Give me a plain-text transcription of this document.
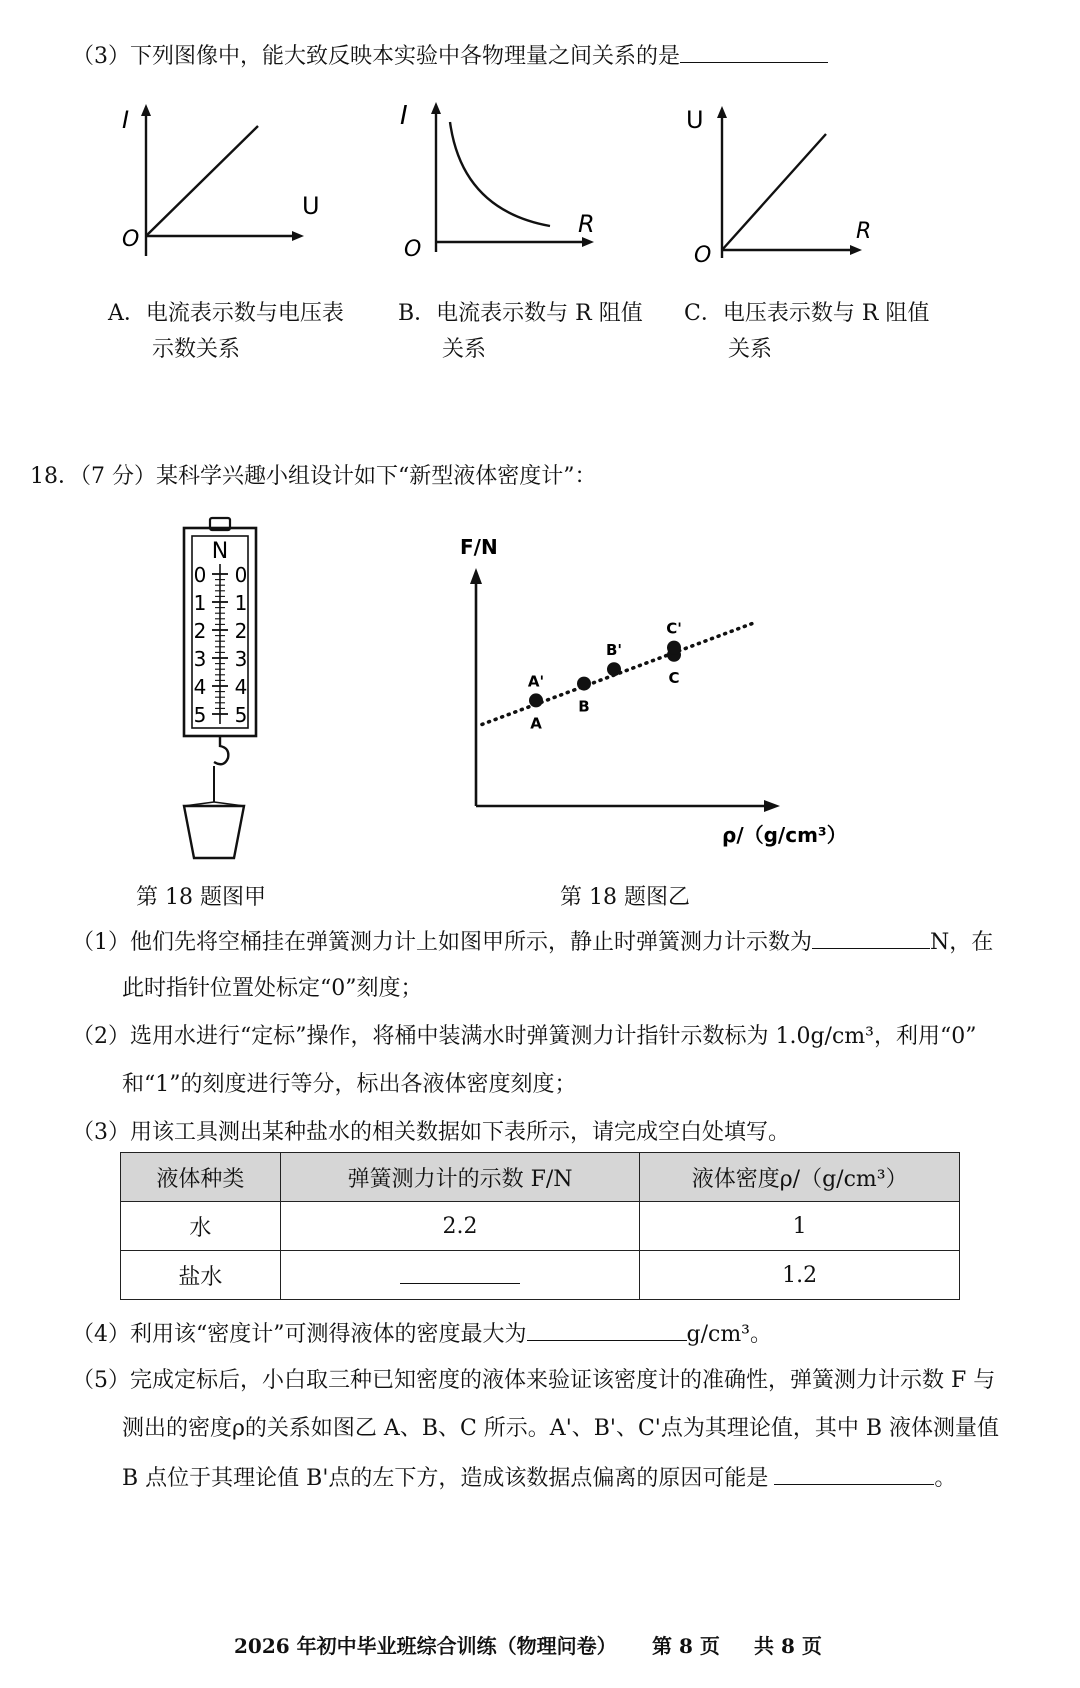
（3）下列图像中，能大致反映本实验中各物理量之间关系的是
I
U
O
I
R
O
U
R
O
A．电流表示数与电压表
示数关系
B．电流表示数与 R 阻值
关系
C．电压表示数与 R 阻值
关系
18．（7 分）某科学兴趣小组设计如下“新型液体密度计”：
N
0 0
1 1
2 2
3 3
4 4
5 5
第 18 题图甲
F/N
ρ/（g/cm³）
A
B
C
A'
B'
C'
第 18 题图乙
（1）他们先将空桶挂在弹簧测力计上如图甲所示，静止时弹簧测力计示数为	N，在
此时指针位置处标定“0”刻度；
（2）选用水进行“定标”操作，将桶中装满水时弹簧测力计指针示数标为 1.0g/cm³，利用“0”
和“1”的刻度进行等分，标出各液体密度刻度；
（3）用该工具测出某种盐水的相关数据如下表所示，请完成空白处填写。
液体种类	弹簧测力计的示数 F/N	液体密度ρ/（g/cm³）
水	2.2	1
盐水		1.2
（4）利用该“密度计”可测得液体的密度最大为	g/cm³。
（5）完成定标后，小白取三种已知密度的液体来验证该密度计的准确性，弹簧测力计示数 F 与
测出的密度ρ的关系如图乙 A、B、C 所示。A'、B'、C'点为其理论值，其中 B 液体测量值
B 点位于其理论值 B'点的左下方，造成该数据点偏离的原因可能是	。
2026 年初中毕业班综合训练（物理问卷） 第 8 页 共 8 页
